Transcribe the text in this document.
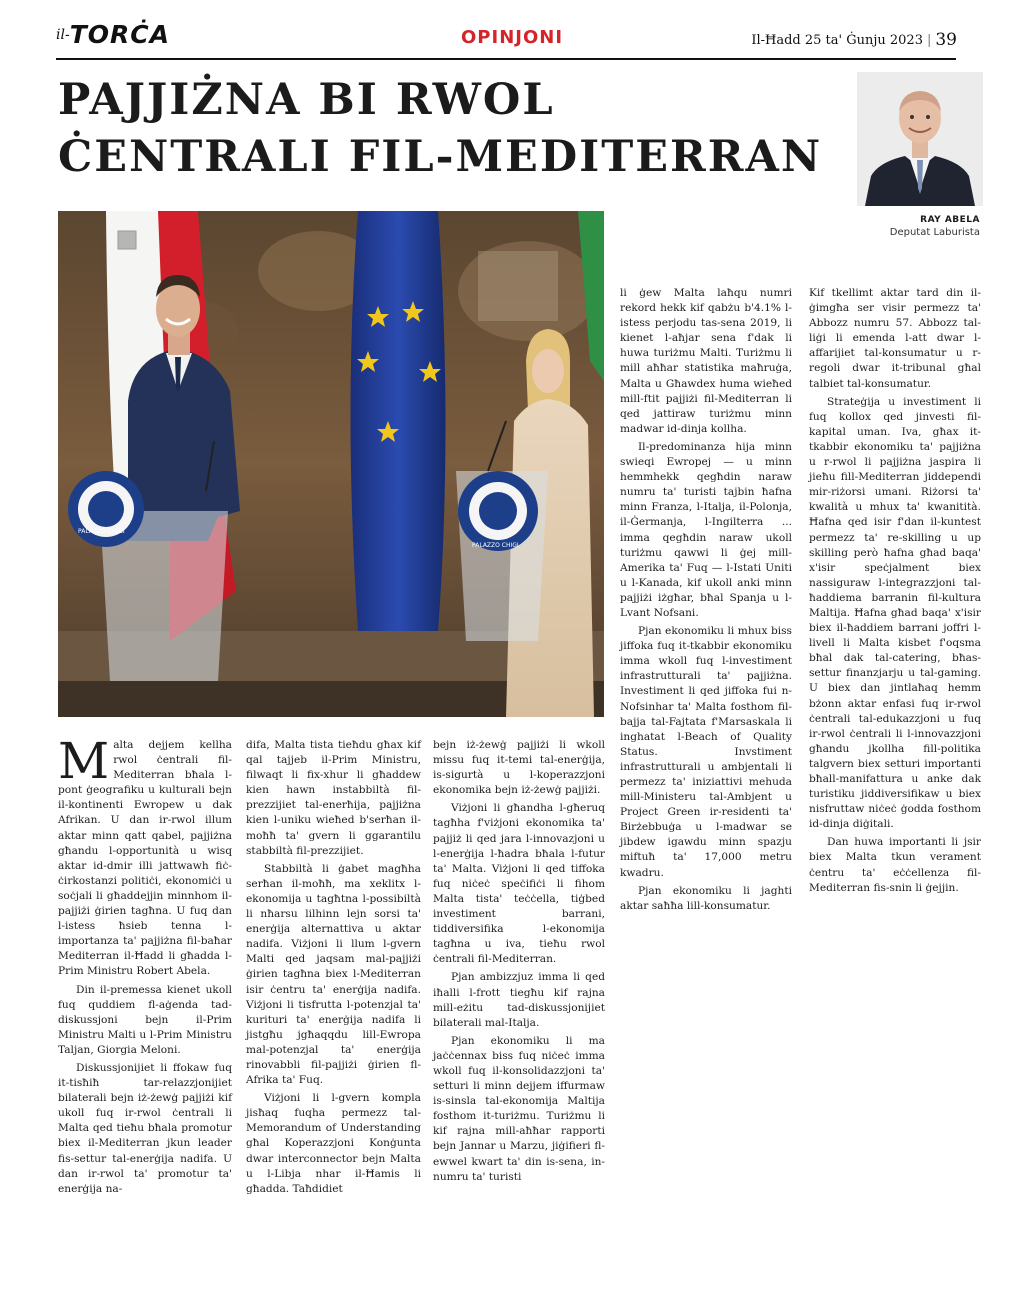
il-TORĊA	OPINJONI	Il-Ħadd 25 ta' Ġunju 2023 | 39
PAJJIŻNA BI RWOL ĊENTRALI FIL-MEDITERRAN
RAY ABELA
Deputat Laburista
PALAZZO CHIGI
PALAZZO CHIGI

Malta dejjem kellha rwol ċentrali fil-Mediterran bħala l-pont ġeografiku u kulturali bejn il-kontinenti Ewropew u dak Afrikan. U dan ir-rwol illum aktar minn qatt qabel, pajjiżna għandu l-opportunità u wisq aktar id-dmir illi jattwawh fiċ-ċirkostanzi politiċi, ekonomiċi u soċjali li għaddejjin minnhom il-pajjiżi ġirien tagħna. U fuq dan l-istess ħsieb tenna l-importanza ta' pajjiżna fil-baħar Mediterran il-Ħadd li għadda l-Prim Ministru Robert Abela.

Din il-premessa kienet ukoll fuq quddiem fl-aġenda tad-diskussjoni bejn il-Prim Ministru Malti u l-Prim Ministru Taljan, Giorgia Meloni.

Diskussjonijiet li ffokaw fuq it-tisħiħ tar-relazzjonijiet bilaterali bejn iż-żewġ pajjiżi kif ukoll fuq ir-rwol ċentrali li Malta qed tieħu bħala promotur biex il-Mediterran jkun leader fis-settur tal-enerġija nadifa. U dan ir-rwol ta' promotur ta' enerġija na-

difa, Malta tista tieħdu għax kif qal tajjeb il-Prim Ministru, filwaqt li fix-xhur li għaddew kien hawn instabbiltà fil-prezzijiet tal-enerħija, pajjiżna kien l-uniku wieħed b'serħan il-moħħ ta' gvern li ggarantilu stabbiltà fil-prezzijiet.

Stabbiltà li ġabet magħha serħan il-moħħ, ma xeklitx l-ekonomija u tagħtna l-possibiltà li nħarsu lilhinn lejn sorsi ta' enerġija alternattiva u aktar nadifa. Viżjoni li llum l-gvern Malti qed jaqsam mal-pajjiżi ġirien tagħna biex l-Mediterran isir ċentru ta' enerġija nadifa. Viżjoni li tisfrutta l-potenzjal ta' kurituri ta' enerġija nadifa li jistgħu jgħaqqdu lill-Ewropa mal-potenzjal ta' enerġija rinovabbli fil-pajjiżi ġirien fl-Afrika ta' Fuq.

Viżjoni li l-gvern kompla jisħaq fuqha permezz tal-Memorandum of Understanding għal Koperazzjoni Konġunta dwar interconnector bejn Malta u l-Libja nhar il-Ħamis li għadda. Taħdidiet

bejn iż-żewġ pajjiżi li wkoll missu fuq it-temi tal-enerġija, is-sigurtà u l-koperazzjoni ekonomika bejn iż-żewġ pajjiżi.

Viżjoni li għandha l-għeruq tagħha f'viżjoni ekonomika ta' pajjiż li qed jara l-innovazjoni u l-enerġija l-ħadra bħala l-futur ta' Malta. Viżjoni li qed tiffoka fuq niċeċ speċifiċi li fihom Malta tista' teċċella, tiġbed investiment barrani, tiddiversifika l-ekonomija tagħna u iva, tieħu rwol ċentrali fil-Mediterran.

Pjan ambizzjuz imma li qed iħalli l-frott tiegħu kif rajna mill-eżitu tad-diskussjonijiet bilaterali mal-Italja.

Pjan ekonomiku li ma jaċċennax biss fuq niċeċ imma wkoll fuq il-konsolidazzjoni ta' setturi li minn dejjem iffurmaw is-sinsla tal-ekonomija Maltija fosthom it-turiżmu. Turiżmu li kif rajna mill-aħħar rapporti bejn Jannar u Marzu, jiġifieri fl-ewwel kwart ta' din is-sena, in-numru ta' turisti

li ġew Malta laħqu numri rekord hekk kif qabżu b'4.1% l-istess perjodu tas-sena 2019, li kienet l-aħjar sena f'dak li huwa turiżmu Malti. Turiżmu li mill aħħar statistika maħruġa, Malta u Għawdex huma wieħed mill-ftit pajjiżi fil-Mediterran li qed jattiraw turiżmu minn madwar id-dinja kollha.

Il-predominanza hija minn swieqi Ewropej — u minn hemmhekk qegħdin naraw numru ta' turisti tajbin ħafna minn Franza, l-Italja, il-Polonja, il-Ġermanja, l-Ingilterra ... imma qegħdin naraw ukoll turiżmu qawwi li ġej mill-Amerika ta' Fuq — l-Istati Uniti u l-Kanada, kif ukoll anki minn pajjiżi iżgħar, bħal Spanja u l-Lvant Nofsani.

Pjan ekonomiku li mhux biss jiffoka fuq it-tkabbir ekonomiku imma wkoll fuq l-investiment infrastrutturali ta' pajjiżna. Investiment li qed jiffoka fui n-Nofsinhar ta' Malta fosthom fil-bajja tal-Fajtata f'Marsaskala li inghatat l-Beach of Quality Status. Invstiment infrastrutturali u ambjentali li permezz ta' iniziattivi mehuda mill-Ministeru tal-Ambjent u Project Green ir-residenti ta' Birżebbuġa u l-madwar se jibdew igawdu minn spazju miftuħ ta' 17,000 metru kwadru.

Pjan ekonomiku li jaghti aktar saħħa lill-konsumatur.

Kif tkellimt aktar tard din il-ġimgħa ser visir permezz ta' Abbozz numru 57. Abbozz tal-liġi li emenda l-att dwar l-affarijiet tal-konsumatur u r-regoli dwar it-tribunal għal talbiet tal-konsumatur.

Strateġija u investiment li fuq kollox qed jinvesti fil-kapital uman. Iva, għax it-tkabbir ekonomiku ta' pajjiżna u r-rwol li pajjiżna jaspira li jieħu fill-Mediterran jiddependi mir-riżorsi umani. Riżorsi ta' kwalità u mhux ta' kwanitità. Ħafna qed isir f'dan il-kuntest permezz ta' re-skilling u up skilling però ħafna għad baqa' x'isir speċjalment biex nassiguraw l-integrazzjoni tal-ħaddiema barranin fil-kultura Maltija. Ħafna għad baqa' x'isir biex il-ħaddiem barrani joffri l-livell li Malta kisbet f'oqsma bħal dak tal-catering, bħas-settur finanzjarju u tal-gaming. U biex dan jintlaħaq hemm bżonn aktar enfasi fuq ir-rwol ċentrali tal-edukazzjoni u fuq ir-rwol ċentrali li l-innovazzjoni għandu jkollha fill-politika talgvern biex setturi importanti bħall-manifattura u anke dak turistiku jiddiversifikaw u biex nisfruttaw niċeċ ġodda fosthom id-dinja diġitali.

Dan huwa importanti li jsir biex Malta tkun verament ċentru ta' eċċellenza fil-Mediterran fis-snin li ġejjin.
